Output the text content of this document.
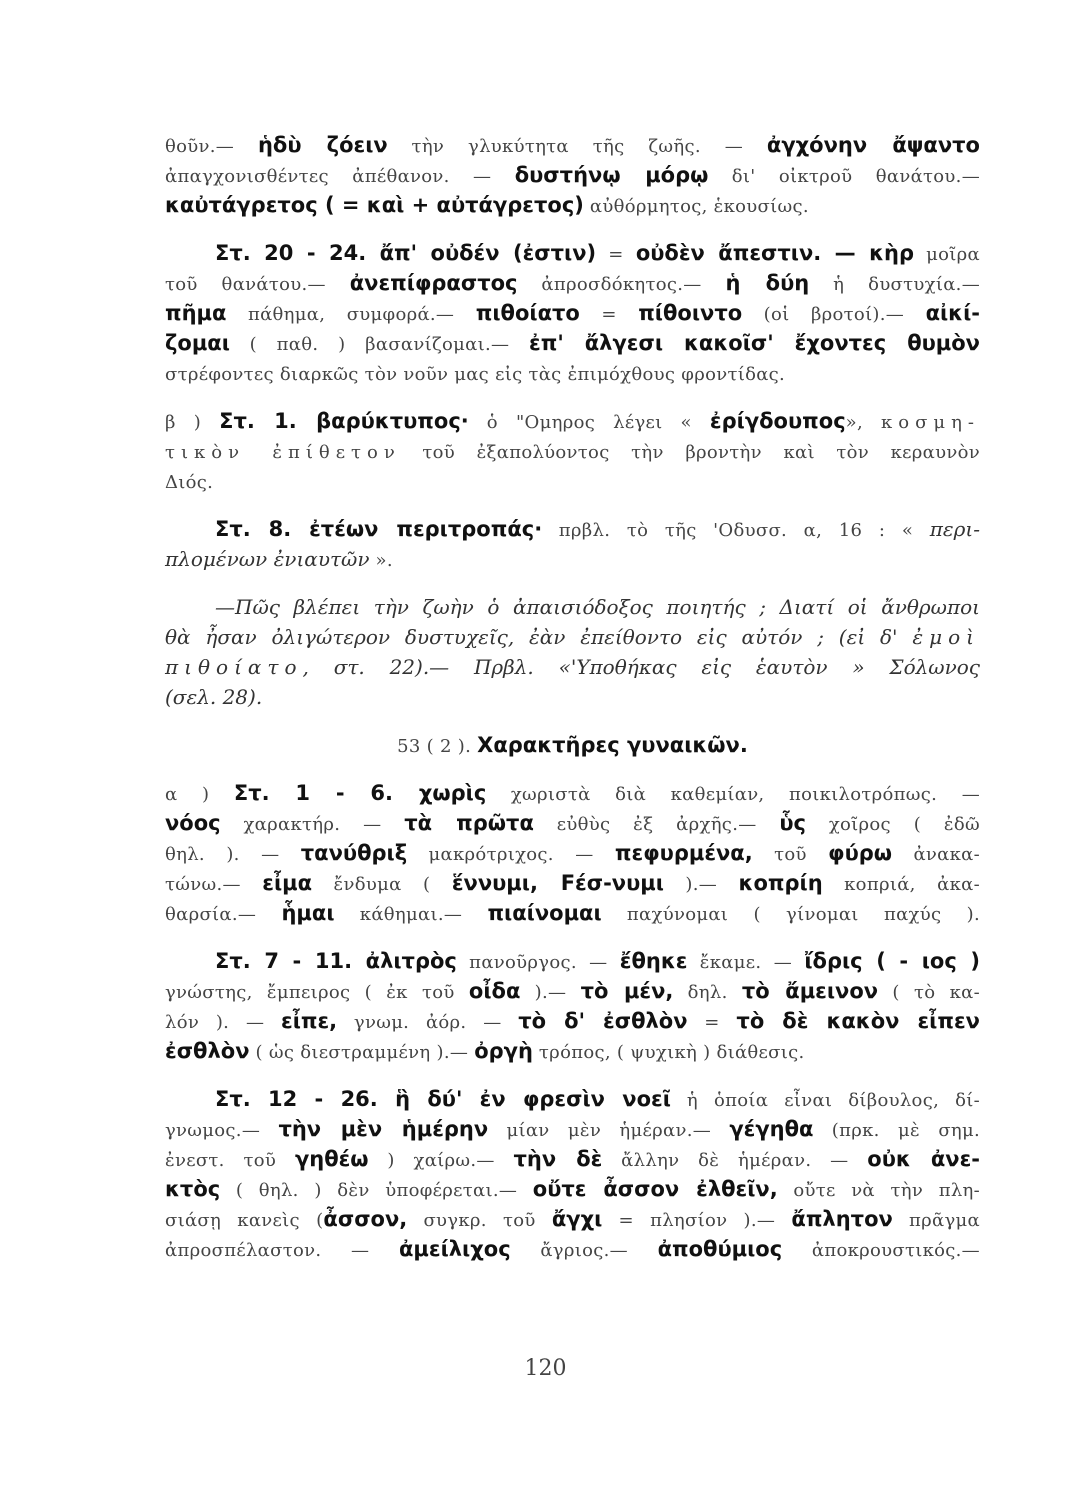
θοῦν.— ἡδὺ ζόειν τὴν γλυκύτητα τῆς ζωῆς. — ἀγχόνην ἄψαντο
ἀπαγχονισθέντες ἀπέθανον. — δυστήνῳ μόρῳ δι' οἰκτροῦ θανάτου.—
καὐτάγρετος ( = καὶ + αὐτάγρετος) αὐθόρμητος, ἑκουσίως.
Στ. 20 - 24. ἄπ' οὐδέν (ἐστιν) = οὐδὲν ἄπεστιν. — κὴρ μοῖρα
τοῦ θανάτου.— ἀνεπίφραστος ἀπροσδόκητος.— ἡ δύη ἡ δυστυχία.—
πῆμα πάθημα, συμφορά.— πιθοίατο = πίθοιντο (οἱ βροτοί).— αἰκί-
ζομαι ( παθ. ) βασανίζομαι.— ἐπ' ἄλγεσι κακοῖσ' ἔχοντες θυμὸν
στρέφοντες διαρκῶς τὸν νοῦν μας εἰς τὰς ἐπιμόχθους φροντίδας.
β ) Στ. 1. βαρύκτυπος· ὁ "Ομηρος λέγει « ἐρίγδουπος», κοσμη-
τικὸν ἐπίθετον τοῦ ἐξαπολύοντος τὴν βροντὴν καὶ τὸν κεραυνὸν
Διός.
Στ. 8. ἐτέων περιτροπάς· πρβλ. τὸ τῆς 'Οδυσσ. α, 16 : « περι-
πλομένων ἐνιαυτῶν ».
—Πῶς βλέπει τὴν ζωὴν ὁ ἀπαισιόδοξος ποιητής ; Διατί οἱ ἄνθρωποι
θὰ ἦσαν ὀλιγώτερον δυστυχεῖς, ἐὰν ἐπείθοντο εἰς αὐτόν ; (εἰ δ' ἐμοὶ
πιθοίατο, στ. 22).— Πρβλ. «'Υποθήκας εἰς ἑαυτὸν » Σόλωνος
(σελ. 28).
53 ( 2 ). Χαρακτῆρες γυναικῶν.
α ) Στ. 1 - 6. χωρὶς χωριστὰ διὰ καθεμίαν, ποικιλοτρόπως. —
νόος χαρακτήρ. — τὰ πρῶτα εὐθὺς ἐξ ἀρχῆς.— ὗς χοῖρος ( ἐδῶ
θηλ. ). — τανύθριξ μακρότριχος. — πεφυρμένα, τοῦ φύρω ἀνακα-
τώνω.— εἶμα ἔνδυμα ( ἕννυμι, Fέσ-νυμι ).— κοπρίη κοπριά, ἀκα-
θαρσία.— ἧμαι κάθημαι.— πιαίνομαι παχύνομαι ( γίνομαι παχύς ).
Στ. 7 - 11. ἀλιτρὸς πανοῦργος. — ἔθηκε ἔκαμε. — ἴδρις ( - ιος )
γνώστης, ἔμπειρος ( ἐκ τοῦ οἶδα ).— τὸ μέν, δηλ. τὸ ἄμεινον ( τὸ κα-
λόν ). — εἶπε, γνωμ. ἀόρ. — τὸ δ' ἐσθλὸν = τὸ δὲ κακὸν εἶπεν
ἐσθλὸν ( ὡς διεστραμμένη ).— ὀργὴ τρόπος, ( ψυχικὴ ) διάθεσις.
Στ. 12 - 26. ἣ δύ' ἐν φρεσὶν νοεῖ ἡ ὁποία εἶναι δίβουλος, δί-
γνωμος.— τὴν μὲν ἡμέρην μίαν μὲν ἡμέραν.— γέγηθα (πρκ. μὲ σημ.
ἐνεστ. τοῦ γηθέω ) χαίρω.— τὴν δὲ ἄλλην δὲ ἡμέραν. — οὐκ ἀνε-
κτὸς ( θηλ. ) δὲν ὑποφέρεται.— οὔτε ἆσσον ἐλθεῖν, οὔτε νὰ τὴν πλη-
σιάσῃ κανεὶς (ἆσσον, συγκρ. τοῦ ἄγχι = πλησίον ).— ἄπλητον πρᾶγμα
ἀπροσπέλαστον. — ἀμείλιχος ἄγριος.— ἀποθύμιος ἀποκρουστικός.—
120
